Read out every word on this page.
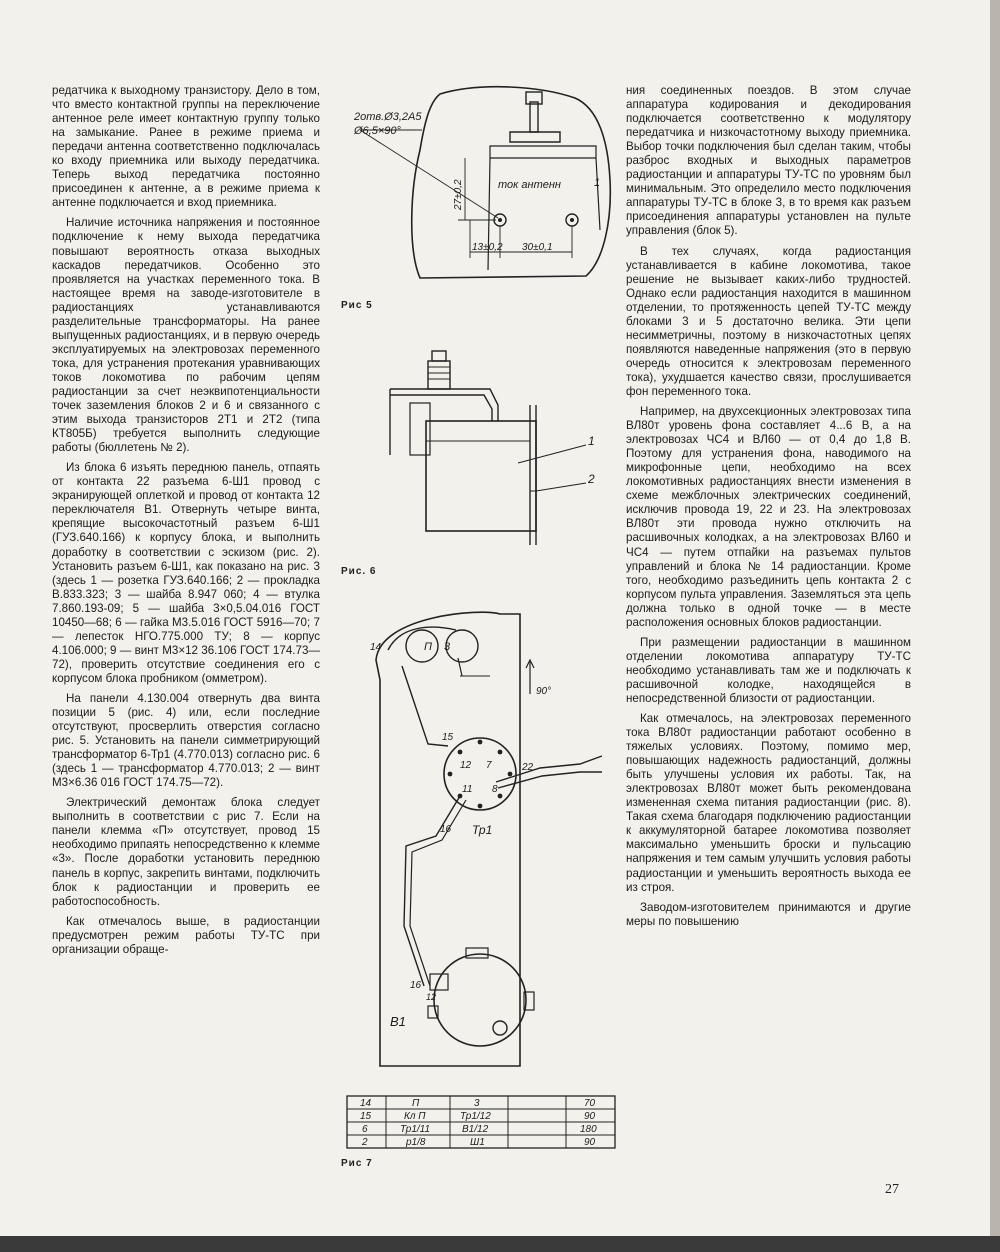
редатчика к выходному транзистору. Дело в том, что вместо контактной группы на переключение антенное реле имеет контактную группу только на замыкание. Ранее в режиме приема и передачи антенна соответственно подключалась ко входу приемника или выходу передатчика. Теперь выход передатчика постоянно присоединен к антенне, а в режиме приема к антенне подключается и вход приемника.

Наличие источника напряжения и постоянное подключение к нему выхода передатчика повышают вероятность отказа выходных каскадов передатчиков. Особенно это проявляется на участках переменного тока. В настоящее время на заводе-изготовителе в радиостанциях устанавливаются разделительные трансформаторы. На ранее выпущенных радиостанциях, и в первую очередь эксплуатируемых на электровозах переменного тока, для устранения протекания уравнивающих токов локомотива по рабочим цепям радиостанции за счет неэквипотенциальности точек заземления блоков 2 и 6 и связанного с этим выхода транзисторов 2Т1 и 2Т2 (типа КТ805Б) требуется выполнить следующие работы (бюллетень № 2).

Из блока 6 изъять переднюю панель, отпаять от контакта 22 разъема 6-Ш1 провод с экранирующей оплеткой и провод от контакта 12 переключателя В1. Отвернуть четыре винта, крепящие высокочастотный разъем 6-Ш1 (ГУЗ.640.166) к корпусу блока, и выполнить доработку в соответствии с эскизом (рис. 2). Установить разъем 6-Ш1, как показано на рис. 3 (здесь 1 — розетка ГУЗ.640.166; 2 — прокладка В.833.323; 3 — шайба 8.947 060; 4 — втулка 7.860.193-09; 5 — шайба 3×0,5.04.016 ГОСТ 10450—68; 6 — гайка М3.5.016 ГОСТ 5916—70; 7 — лепесток НГО.775.000 ТУ; 8 — корпус 4.106.000; 9 — винт М3×12 36.106 ГОСТ 174.73—72), проверить отсутствие соединения его с корпусом блока пробником (омметром).

На панели 4.130.004 отвернуть два винта позиции 5 (рис. 4) или, если последние отсутствуют, просверлить отверстия согласно рис. 5. Установить на панели симметрирующий трансформатор 6-Тр1 (4.770.013) согласно рис. 6 (здесь 1 — трансформатор 4.770.013; 2 — винт М3×6.36 016 ГОСТ 174.75—72).

Электрический демонтаж блока следует выполнить в соответствии с рис 7. Если на панели клемма «П» отсутствует, провод 15 необходимо припаять непосредственно к клемме «3». После доработки установить переднюю панель в корпус, закрепить винтами, подключить блок к радиостанции и проверить ее работоспособность.

Как отмечалось выше, в радиостанции предусмотрен режим работы ТУ-ТС при организации обраще-

2отв.Ø3,2А5
Ø6,5×90°
ток антенн	1
27±0,2
13±0,2 30±0,1
Рис 5
1
2
Рис. 6
14	П 3
90°
15
12 7
11 8
22
16 Тр1
16
12
В1
14	П	3	70
15	Кл П	Тр1/12	90
6	Тр1/11	В1/12	180
2	р1/8	Ш1	90
Рис 7

ния соединенных поездов. В этом случае аппаратура кодирования и декодирования подключается соответственно к модулятору передатчика и низкочастотному выходу приемника. Выбор точки подключения был сделан таким, чтобы разброс входных и выходных параметров радиостанции и аппаратуры ТУ-ТС по уровням был минимальным. Это определило место подключения аппаратуры ТУ-ТС в блоке 3, в то время как разъем присоединения аппаратуры установлен на пульте управления (блок 5).

В тех случаях, когда радиостанция устанавливается в кабине локомотива, такое решение не вызывает каких-либо трудностей. Однако если радиостанция находится в машинном отделении, то протяженность цепей ТУ-ТС между блоками 3 и 5 достаточно велика. Эти цепи несимметричны, поэтому в низкочастотных цепях появляются наведенные напряжения (это в первую очередь относится к электровозам переменного тока), ухудшается качество связи, прослушивается фон переменного тока.

Например, на двухсекционных электровозах типа ВЛ80т уровень фона составляет 4...6 В, а на электровозах ЧС4 и ВЛ60 — от 0,4 до 1,8 В. Поэтому для устранения фона, наводимого на микрофонные цепи, необходимо на всех локомотивных радиостанциях внести изменения в схеме межблочных электрических соединений, исключив провода 19, 22 и 23. На электровозах ВЛ80т эти провода нужно отключить на расшивочных колодках, а на электровозах ВЛ60 и ЧС4 — путем отпайки на разъемах пультов управлений и блока № 14 радиостанции. Кроме того, необходимо разъединить цепь контакта 2 с корпусом пульта управления. Заземляться эта цепь должна только в одной точке — в месте расположения основных блоков радиостанции.

При размещении радиостанции в машинном отделении локомотива аппаратуру ТУ-ТС необходимо устанавливать там же и подключать к расшивочной колодке, находящейся в непосредственной близости от радиостанции.

Как отмечалось, на электровозах переменного тока ВЛ80т радиостанции работают особенно в тяжелых условиях. Поэтому, помимо мер, повышающих надежность радиостанций, должны быть улучшены условия их работы. Так, на электровозах ВЛ80т может быть рекомендована измененная схема питания радиостанции (рис. 8). Такая схема благодаря подключению радиостанции к аккумуляторной батарее локомотива позволяет максимально уменьшить броски и пульсацию напряжения и тем самым улучшить условия работы радиостанции и уменьшить вероятность выхода ее из строя.

Заводом-изготовителем принимаются и другие меры по повышению

27
